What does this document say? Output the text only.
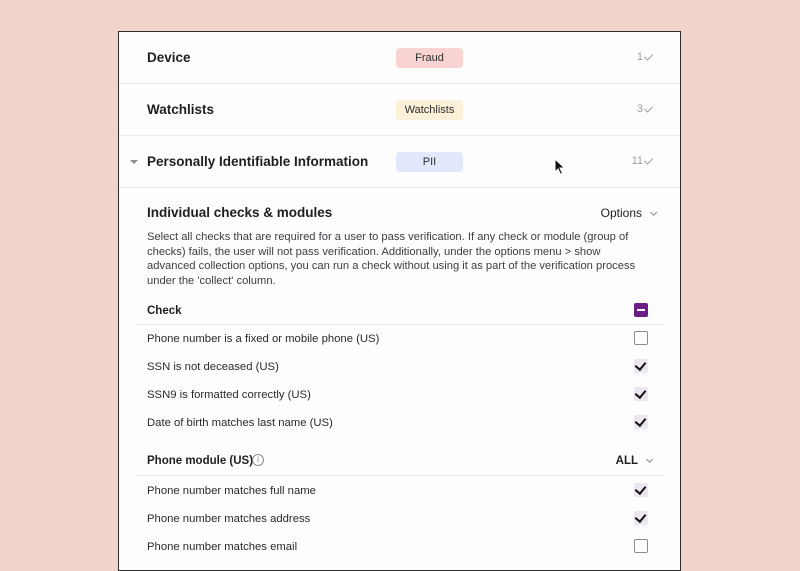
Device	Fraud	1
Watchlists	Watchlists	3
Personally Identifiable Information	PII	11
Individual checks & modules	Options
Select all checks that are required for a user to pass verification. If any check or module (group of checks) fails, the user will not pass verification. Additionally, under the options menu > show advanced collection options, you can run a check without using it as part of the verification process under the 'collect' column.
Check
Phone number is a fixed or mobile phone (US)
SSN is not deceased (US)
SSN9 is formatted correctly (US)
Date of birth matches last name (US)
Phone module (US) i	ALL
Phone number matches full name
Phone number matches address
Phone number matches email
